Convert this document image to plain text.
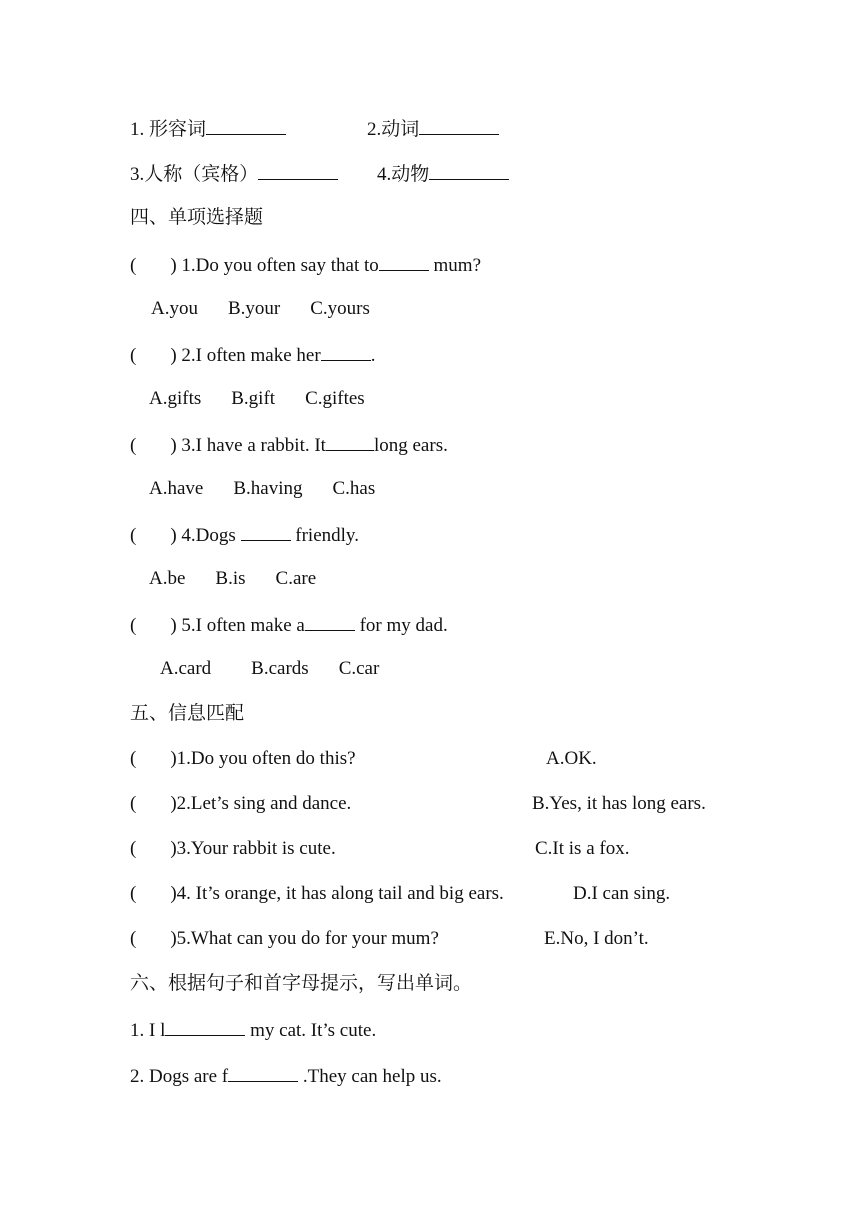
1. 形容词	2.动词
3.人称（宾格）	4.动物
四、单项选择题
( ) 1.Do you often say that to	mum?
A.you B.your C.yours
( ) 2.I often make her	.
A.gifts B.gift C.giftes
( ) 3.I have a rabbit. It	long ears.
A.have B.having C.has
( ) 4.Dogs	friendly.
A.be B.is C.are
( ) 5.I often make a	for my dad.
A.card B.cards C.car
五、信息匹配
( )1.Do you often do this?	A.OK.
( )2.Let’s sing and dance.	B.Yes, it has long ears.
( )3.Your rabbit is cute.	C.It is a fox.
( )4. It’s orange, it has along tail and big ears.	D.I can sing.
( )5.What can you do for your mum?	E.No, I don’t.
六、根据句子和首字母提示，写出单词。
1. I l	my cat. It’s cute.
2. Dogs are f	.They can help us.
